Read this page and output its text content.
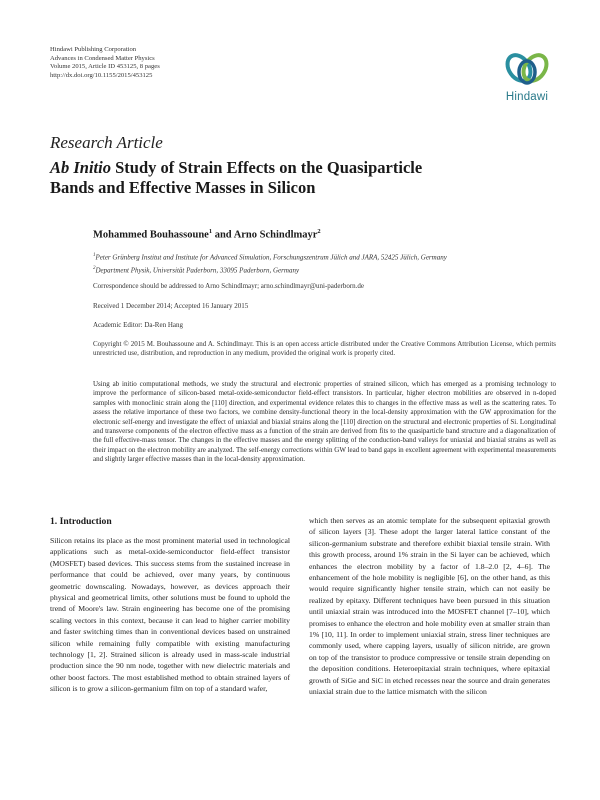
Hindawi Publishing Corporation
Advances in Condensed Matter Physics
Volume 2015, Article ID 453125, 8 pages
http://dx.doi.org/10.1155/2015/453125
Hindawi
Research Article
Ab Initio Study of Strain Effects on the Quasiparticle
Bands and Effective Masses in Silicon
Mohammed Bouhassoune$^1$ and Arno Schindlmayr$^2$
$^1$Peter Grünberg Institut and Institute for Advanced Simulation, Forschungszentrum Jülich and JARA, 52425 Jülich, Germany
$^2$Department Physik, Universität Paderborn, 33095 Paderborn, Germany
Correspondence should be addressed to Arno Schindlmayr; arno.schindlmayr@uni-paderborn.de
Received 1 December 2014; Accepted 16 January 2015
Academic Editor: Da-Ren Hang
Copyright © 2015 M. Bouhassoune and A. Schindlmayr. This is an open access article distributed under the Creative Commons Attribution License, which permits unrestricted use, distribution, and reproduction in any medium, provided the original work is properly cited.
Using ab initio computational methods, we study the structural and electronic properties of strained silicon, which has emerged as a promising technology to improve the performance of silicon-based metal-oxide-semiconductor field-effect transistors. In particular, higher electron mobilities are observed in n-doped samples with monoclinic strain along the [110] direction, and experimental evidence relates this to changes in the effective mass as well as the scattering rates. To assess the relative importance of these two factors, we combine density-functional theory in the local-density approximation with the GW approximation for the electronic self-energy and investigate the effect of uniaxial and biaxial strains along the [110] direction on the structural and electronic properties of Si. Longitudinal and transverse components of the electron effective mass as a function of the strain are derived from fits to the quasiparticle band structure and a diagonalization of the full effective-mass tensor. The changes in the effective masses and the energy splitting of the conduction-band valleys for uniaxial and biaxial strains as well as their impact on the electron mobility are analyzed. The self-energy corrections within GW lead to band gaps in excellent agreement with experimental measurements and slightly larger effective masses than in the local-density approximation.
1. Introduction
Silicon retains its place as the most prominent material used in technological applications such as metal-oxide-semiconductor field-effect transistor (MOSFET) based devices. This success stems from the sustained increase in performance that could be achieved, over many years, by continuous geometric downscaling. Nowadays, however, as devices approach their physical and geometrical limits, other solutions must be found to uphold the trend of Moore's law. Strain engineering has become one of the promising scaling vectors in this context, because it can lead to higher carrier mobility and faster switching times than in conventional devices based on unstrained silicon while remaining fully compatible with existing manufacturing technology [1, 2]. Strained silicon is already used in mass-scale industrial production since the 90 nm node, together with new dielectric materials and other boost factors. The most established method to obtain strained layers of silicon is to grow a silicon-germanium film on top of a standard wafer,
which then serves as an atomic template for the subsequent epitaxial growth of silicon layers [3]. These adopt the larger lateral lattice constant of the silicon-germanium substrate and therefore exhibit biaxial tensile strain. With this growth process, around 1% strain in the Si layer can be achieved, which enhances the electron mobility by a factor of 1.8–2.0 [2, 4–6]. The enhancement of the hole mobility is negligible [6], on the other hand, as this would require significantly higher tensile strain, which can not easily be realized by epitaxy. Different techniques have been pursued in this situation until uniaxial strain was introduced into the MOSFET channel [7–10], which promises to enhance the electron and hole mobility even at smaller strain than 1% [10, 11]. In order to implement uniaxial strain, stress liner techniques are commonly used, where capping layers, usually of silicon nitride, are grown on top of the transistor to produce compressive or tensile strain depending on the deposition conditions. Heteroepitaxial strain techniques, where epitaxial growth of SiGe and SiC in etched recesses near the source and drain generates uniaxial strain due to the lattice mismatch with the silicon
